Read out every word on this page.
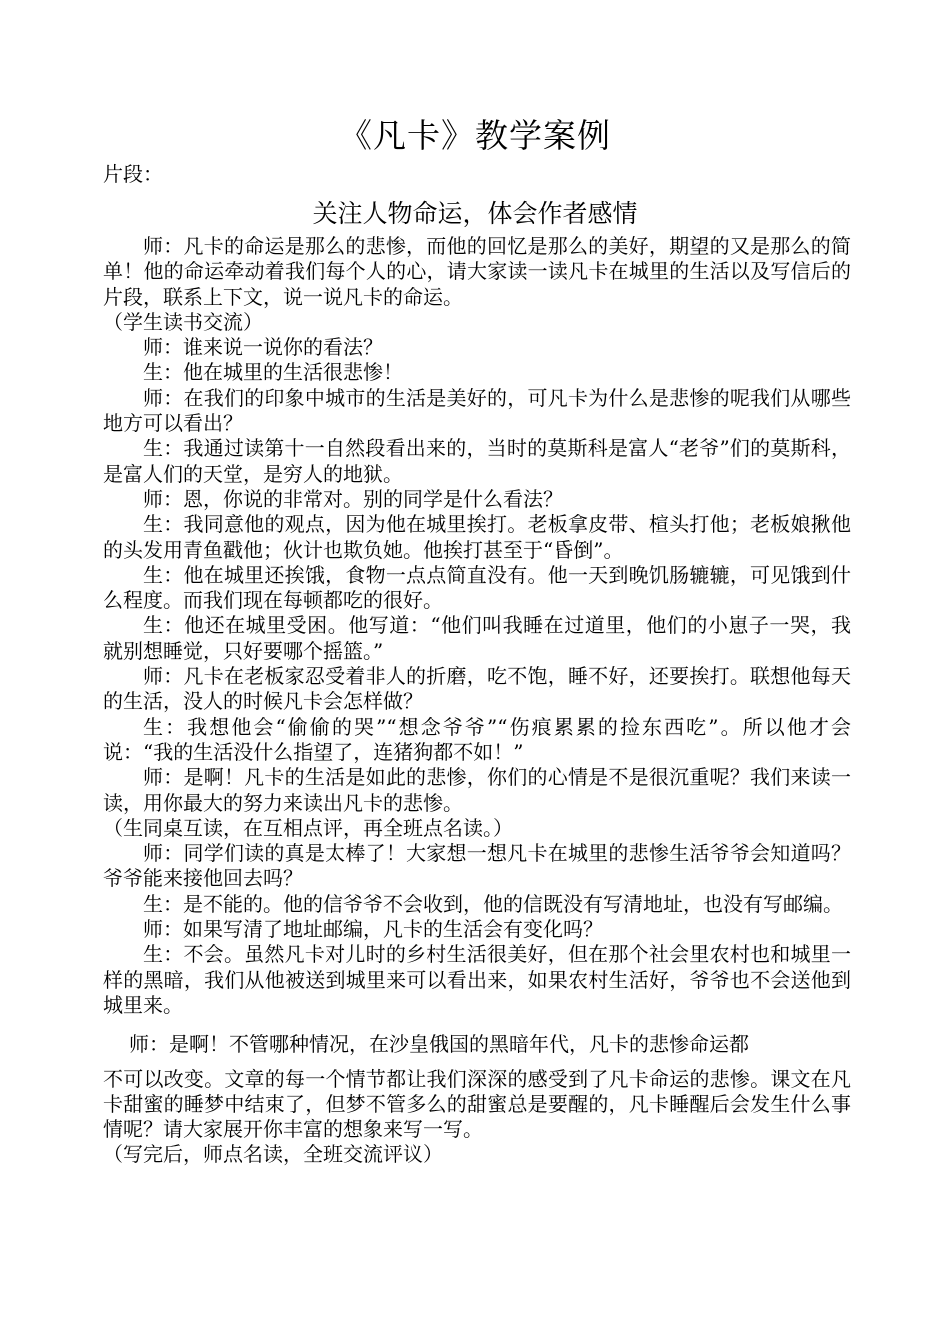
《凡卡》教学案例
片段：
关注人物命运，体会作者感情

师：凡卡的命运是那么的悲惨，而他的回忆是那么的美好，期望的又是那么的简单！他的命运牵动着我们每个人的心，请大家读一读凡卡在城里的生活以及写信后的片段，联系上下文，说一说凡卡的命运。

（学生读书交流）

师：谁来说一说你的看法？

生：他在城里的生活很悲惨！

师：在我们的印象中城市的生活是美好的，可凡卡为什么是悲惨的呢我们从哪些地方可以看出？

生：我通过读第十一自然段看出来的，当时的莫斯科是富人“老爷”们的莫斯科，是富人们的天堂，是穷人的地狱。

师：恩，你说的非常对。别的同学是什么看法？

生：我同意他的观点，因为他在城里挨打。老板拿皮带、楦头打他；老板娘揪他的头发用青鱼戳他；伙计也欺负她。他挨打甚至于“昏倒”。

生：他在城里还挨饿，食物一点点简直没有。他一天到晚饥肠辘辘，可见饿到什么程度。而我们现在每顿都吃的很好。

生：他还在城里受困。他写道：“他们叫我睡在过道里，他们的小崽子一哭，我就别想睡觉，只好要哪个摇篮。”

师：凡卡在老板家忍受着非人的折磨，吃不饱，睡不好，还要挨打。联想他每天的生活，没人的时候凡卡会怎样做？

生：我想他会“偷偷的哭”“想念爷爷”“伤痕累累的捡东西吃”。所以他才会说：“我的生活没什么指望了，连猪狗都不如！”

师：是啊！凡卡的生活是如此的悲惨，你们的心情是不是很沉重呢？我们来读一读，用你最大的努力来读出凡卡的悲惨。

（生同桌互读，在互相点评，再全班点名读。）

师：同学们读的真是太棒了！大家想一想凡卡在城里的悲惨生活爷爷会知道吗？爷爷能来接他回去吗？

生：是不能的。他的信爷爷不会收到，他的信既没有写清地址，也没有写邮编。

师：如果写清了地址邮编，凡卡的生活会有变化吗？

生：不会。虽然凡卡对儿时的乡村生活很美好，但在那个社会里农村也和城里一样的黑暗，我们从他被送到城里来可以看出来，如果农村生活好，爷爷也不会送他到城里来。

师：是啊！不管哪种情况，在沙皇俄国的黑暗年代，凡卡的悲惨命运都

不可以改变。文章的每一个情节都让我们深深的感受到了凡卡命运的悲惨。课文在凡卡甜蜜的睡梦中结束了，但梦不管多么的甜蜜总是要醒的，凡卡睡醒后会发生什么事情呢？请大家展开你丰富的想象来写一写。

（写完后，师点名读，全班交流评议）
